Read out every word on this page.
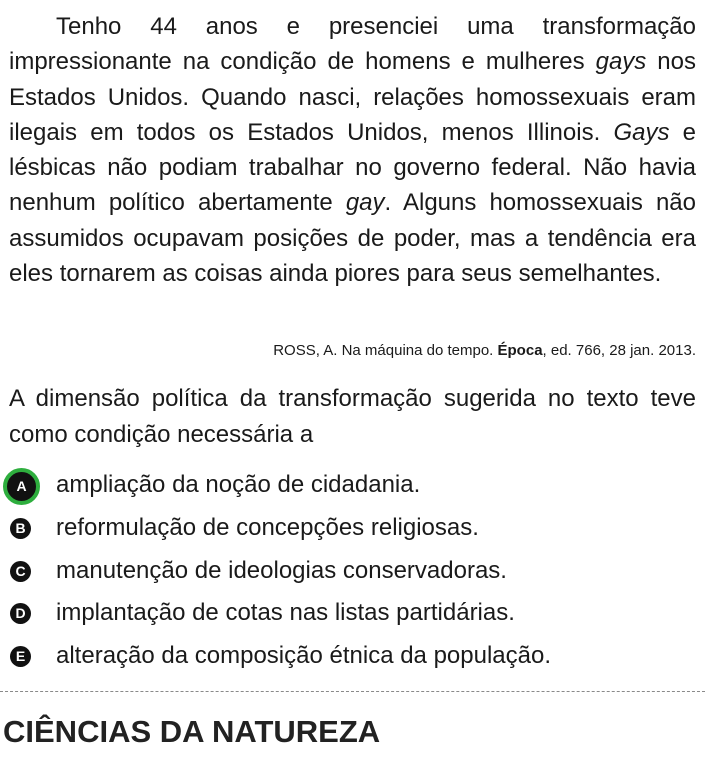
Tenho 44 anos e presenciei uma transformação impressionante na condição de homens e mulheres gays nos Estados Unidos. Quando nasci, relações homossexuais eram ilegais em todos os Estados Unidos, menos Illinois. Gays e lésbicas não podiam trabalhar no governo federal. Não havia nenhum político abertamente gay. Alguns homossexuais não assumidos ocupavam posições de poder, mas a tendência era eles tornarem as coisas ainda piores para seus semelhantes.

ROSS, A. Na máquina do tempo. Época, ed. 766, 28 jan. 2013.

A dimensão política da transformação sugerida no texto teve como condição necessária a

A	ampliação da noção de cidadania.
B reformulação de concepções religiosas.
C manutenção de ideologias conservadoras.
D implantação de cotas nas listas partidárias.
E alteração da composição étnica da população.
CIÊNCIAS DA NATUREZA
